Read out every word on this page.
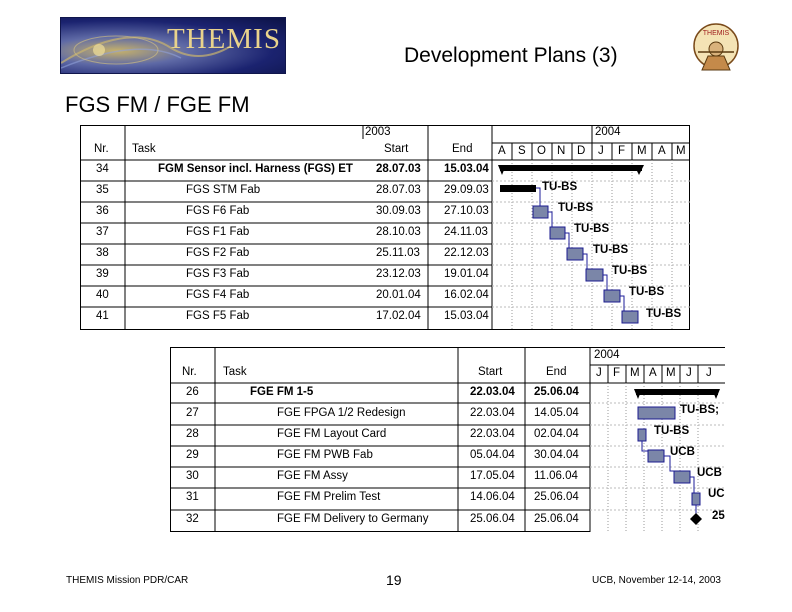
THEMIS
Development Plans (3)
THEMIS
FGS FM / FGE FM
2003	2004
Nr. Task	Start	End A S O N D J F M A M
34	FGM Sensor incl. Harness (FGS) ET 28.07.03 15.03.04
35	FGS STM Fab	28.07.03 29.09.03	TU-BS
36	FGS F6 Fab	30.09.03 27.10.03	TU-BS
37	FGS F1 Fab	28.10.03 24.11.03	TU-BS
38	FGS F2 Fab	25.11.03 22.12.03	TU-BS
39	FGS F3 Fab	23.12.03 19.01.04	TU-BS
40	FGS F4 Fab	20.01.04 16.02.04	TU-BS
41	FGS F5 Fab	17.02.04 15.03.04	TU-BS
2004
Nr. Task	Start	End	J F M A M J J
26	FGE FM 1-5	22.03.04 25.06.04
27	FGE FPGA 1/2 Redesign	22.03.04 14.05.04	TU-BS;
28	FGE FM Layout Card	22.03.04 02.04.04	TU-BS
29	FGE FM PWB Fab	05.04.04 30.04.04	UCB
30	FGE FM Assy	17.05.04 11.06.04	UCB
31	FGE FM Prelim Test	14.06.04 25.06.04	UC
32	FGE FM Delivery to Germany	25.06.04 25.06.04	25
THEMIS Mission PDR/CAR	19	UCB, November 12-14, 2003
